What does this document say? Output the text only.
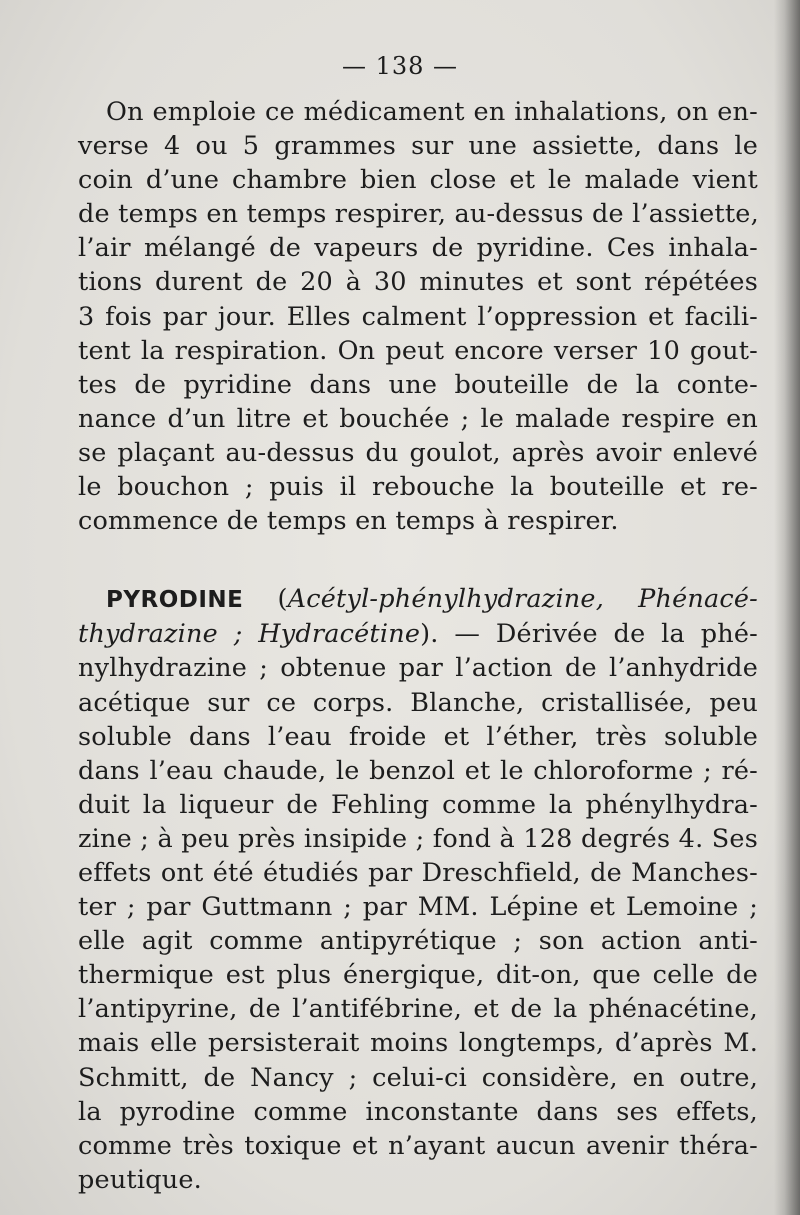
— 138 —
On emploie ce médicament en inhalations, on en-
verse 4 ou 5 grammes sur une assiette, dans le
coin d’une chambre bien close et le malade vient
de temps en temps respirer, au-dessus de l’assiette,
l’air mélangé de vapeurs de pyridine. Ces inhala-
tions durent de 20 à 30 minutes et sont répétées
3 fois par jour. Elles calment l’oppression et facili-
tent la respiration. On peut encore verser 10 gout-
tes de pyridine dans une bouteille de la conte-
nance d’un litre et bouchée ; le malade respire en
se plaçant au-dessus du goulot, après avoir enlevé
le bouchon ; puis il rebouche la bouteille et re-
commence de temps en temps à respirer.
PYRODINE (Acétyl-phénylhydrazine, Phénacé-
thydrazine ; Hydracétine). — Dérivée de la phé-
nylhydrazine ; obtenue par l’action de l’anhydride
acétique sur ce corps. Blanche, cristallisée, peu
soluble dans l’eau froide et l’éther, très soluble
dans l’eau chaude, le benzol et le chloroforme ; ré-
duit la liqueur de Fehling comme la phénylhydra-
zine ; à peu près insipide ; fond à 128 degrés 4. Ses
effets ont été étudiés par Dreschfield, de Manches-
ter ; par Guttmann ; par MM. Lépine et Lemoine ;
elle agit comme antipyrétique ; son action anti-
thermique est plus énergique, dit-on, que celle de
l’antipyrine, de l’antifébrine, et de la phénacétine,
mais elle persisterait moins longtemps, d’après M.
Schmitt, de Nancy ; celui-ci considère, en outre,
la pyrodine comme inconstante dans ses effets,
comme très toxique et n’ayant aucun avenir théra-
peutique.
